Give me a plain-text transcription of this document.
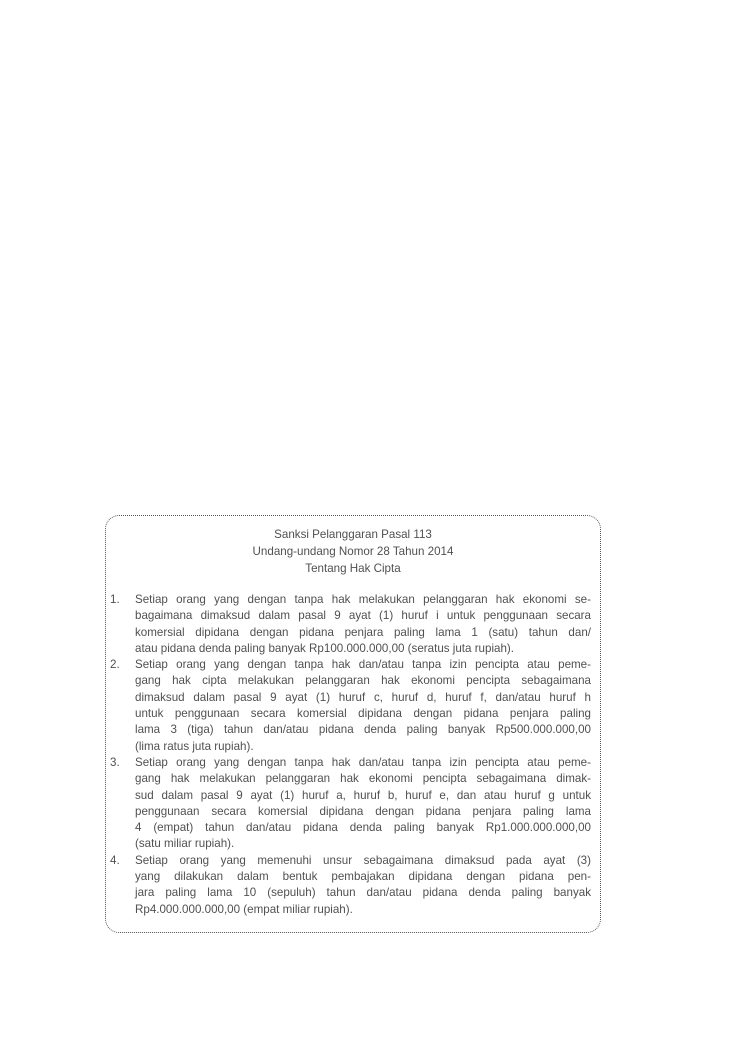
Sanksi Pelanggaran Pasal 113
Undang-undang Nomor 28 Tahun 2014
Tentang Hak Cipta
1. Setiap orang yang dengan tanpa hak melakukan pelanggaran hak ekonomi se-
bagaimana dimaksud dalam pasal 9 ayat (1) huruf i untuk penggunaan secara
komersial dipidana dengan pidana penjara paling lama 1 (satu) tahun dan/
atau pidana denda paling banyak Rp100.000.000,00 (seratus juta rupiah).
2. Setiap orang yang dengan tanpa hak dan/atau tanpa izin pencipta atau peme-
gang hak cipta melakukan pelanggaran hak ekonomi pencipta sebagaimana
dimaksud dalam pasal 9 ayat (1) huruf c, huruf d, huruf f, dan/atau huruf h
untuk penggunaan secara komersial dipidana dengan pidana penjara paling
lama 3 (tiga) tahun dan/atau pidana denda paling banyak Rp500.000.000,00
(lima ratus juta rupiah).
3. Setiap orang yang dengan tanpa hak dan/atau tanpa izin pencipta atau peme-
gang hak melakukan pelanggaran hak ekonomi pencipta sebagaimana dimak-
sud dalam pasal 9 ayat (1) huruf a, huruf b, huruf e, dan atau huruf g untuk
penggunaan secara komersial dipidana dengan pidana penjara paling lama
4 (empat) tahun dan/atau pidana denda paling banyak Rp1.000.000.000,00
(satu miliar rupiah).
4. Setiap orang yang memenuhi unsur sebagaimana dimaksud pada ayat (3)
yang dilakukan dalam bentuk pembajakan dipidana dengan pidana pen-
jara paling lama 10 (sepuluh) tahun dan/atau pidana denda paling banyak
Rp4.000.000.000,00 (empat miliar rupiah).
